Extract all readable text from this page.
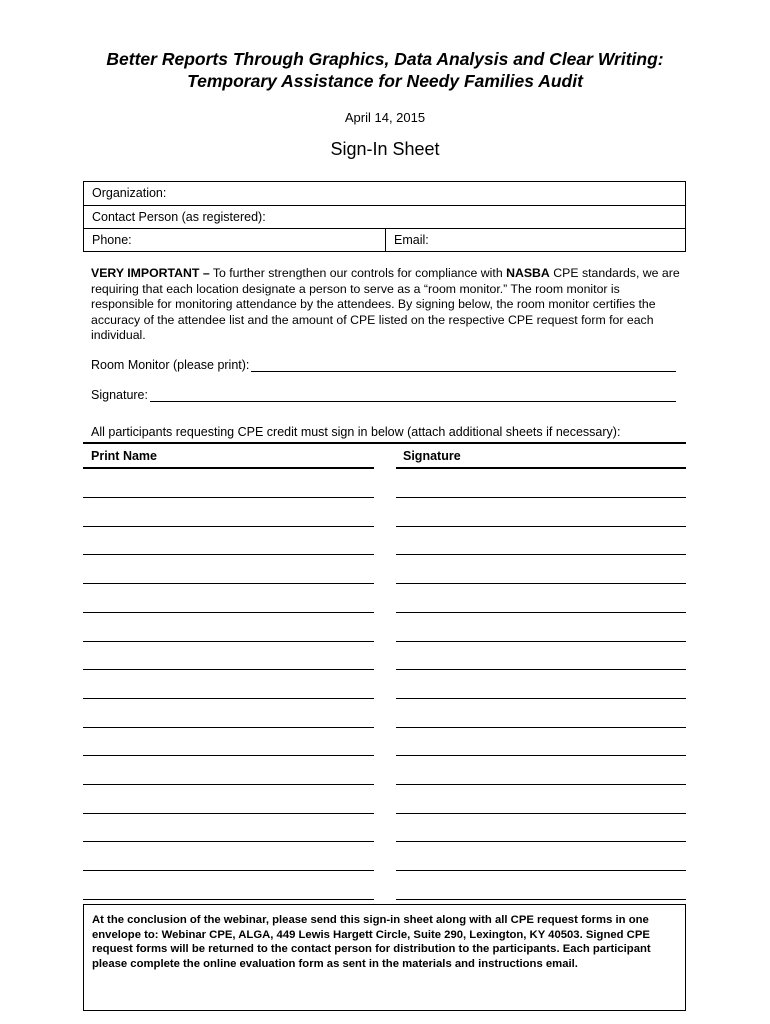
Better Reports Through Graphics, Data Analysis and Clear Writing:
Temporary Assistance for Needy Families Audit
April 14, 2015
Sign-In Sheet
Organization:
Contact Person (as registered):
Phone:	Email:
VERY IMPORTANT – To further strengthen our controls for compliance with NASBA CPE standards, we are requiring that each location designate a person to serve as a “room monitor.” The room monitor is responsible for monitoring attendance by the attendees. By signing below, the room monitor certifies the accuracy of the attendee list and the amount of CPE listed on the respective CPE request form for each individual.
Room Monitor (please print):
Signature:
All participants requesting CPE credit must sign in below (attach additional sheets if necessary):
Print Name	Signature
At the conclusion of the webinar, please send this sign-in sheet along with all CPE request forms in one envelope to: Webinar CPE, ALGA, 449 Lewis Hargett Circle, Suite 290, Lexington, KY 40503. Signed CPE request forms will be returned to the contact person for distribution to the participants. Each participant please complete the online evaluation form as sent in the materials and instructions email.
